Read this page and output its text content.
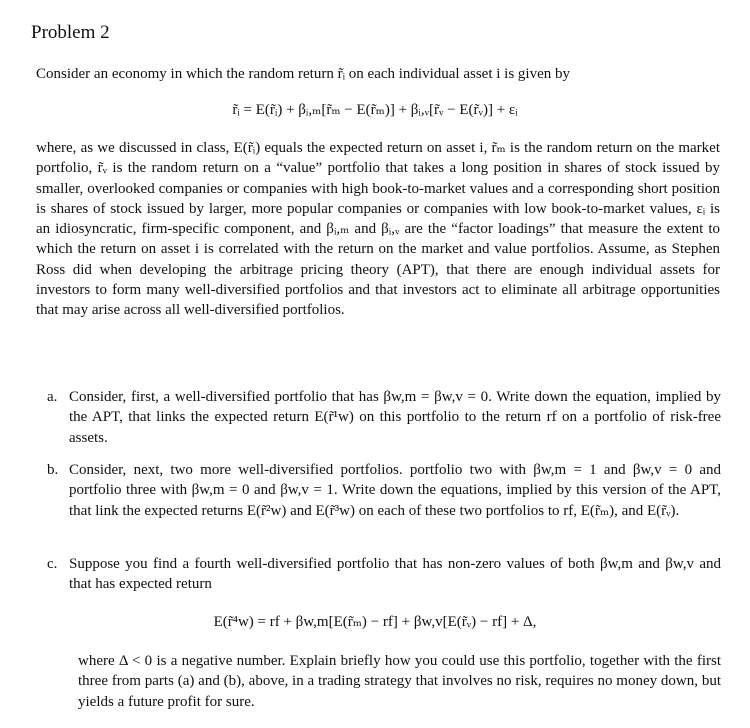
Problem 2

Consider an economy in which the random return r̃ᵢ on each individual asset i is given by

r̃ᵢ = E(r̃ᵢ) + βᵢ,ₘ[r̃ₘ − E(r̃ₘ)] + βᵢ,ᵥ[r̃ᵥ − E(r̃ᵥ)] + εᵢ

where, as we discussed in class, E(r̃ᵢ) equals the expected return on asset i, r̃ₘ is the random return on the market portfolio, r̃ᵥ is the random return on a “value” portfolio that takes a long position in shares of stock issued by smaller, overlooked companies or companies with high book-to-market values and a corresponding short position is shares of stock issued by larger, more popular companies or companies with low book-to-market values, εᵢ is an idiosyncratic, firm-specific component, and βᵢ,ₘ and βᵢ,ᵥ are the “factor loadings” that measure the extent to which the return on asset i is correlated with the return on the market and value portfolios. Assume, as Stephen Ross did when developing the arbitrage pricing theory (APT), that there are enough individual assets for investors to form many well-diversified portfolios and that investors act to eliminate all arbitrage opportunities that may arise across all well-diversified portfolios.

a. Consider, first, a well-diversified portfolio that has βw,m = βw,v = 0. Write down the equation, implied by the APT, that links the expected return E(r̃¹w) on this portfolio to the return rf on a portfolio of risk-free assets.

b. Consider, next, two more well-diversified portfolios. portfolio two with βw,m = 1 and βw,v = 0 and portfolio three with βw,m = 0 and βw,v = 1. Write down the equations, implied by this version of the APT, that link the expected returns E(r̃²w) and E(r̃³w) on each of these two portfolios to rf, E(r̃ₘ), and E(r̃ᵥ).

c. Suppose you find a fourth well-diversified portfolio that has non-zero values of both βw,m and βw,v and that has expected return

E(r̃⁴w) = rf + βw,m[E(r̃ₘ) − rf] + βw,v[E(r̃ᵥ) − rf] + Δ,

where Δ < 0 is a negative number. Explain briefly how you could use this portfolio, together with the first three from parts (a) and (b), above, in a trading strategy that involves no risk, requires no money down, but yields a future profit for sure.
